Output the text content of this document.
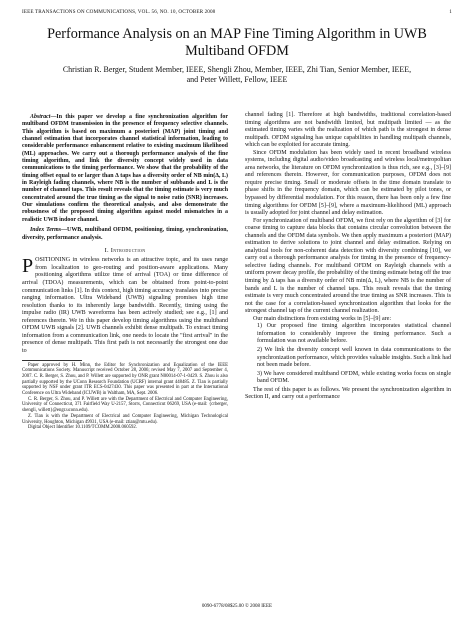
IEEE TRANSACTIONS ON COMMUNICATIONS, VOL. 56, NO. 10, OCTOBER 2008	1
Performance Analysis on an MAP Fine Timing Algorithm in UWB Multiband OFDM
Christian R. Berger, Student Member, IEEE, Shengli Zhou, Member, IEEE, Zhi Tian, Senior Member, IEEE,
and Peter Willett, Fellow, IEEE

Abstract—In this paper we develop a fine synchronization algorithm for multiband OFDM transmission in the presence of frequency selective channels. This algorithm is based on maximum a posteriori (MAP) joint timing and channel estimation that incorporates channel statistical information, leading to considerable performance enhancement relative to existing maximum likelihood (ML) approaches. We carry out a thorough performance analysis of the fine timing algorithm, and link the diversity concept widely used in data communications to the timing performance. We show that the probability of the timing offset equal to or larger than Δ taps has a diversity order of NB min(Δ, L) in Rayleigh fading channels, where NB is the number of subbands and L is the number of channel taps. This result reveals that the timing estimate is very much concentrated around the true timing as the signal to noise ratio (SNR) increases. Our simulations confirm the theoretical analysis, and also demonstrate the robustness of the proposed timing algorithm against model mismatches in a realistic UWB indoor channel.

Index Terms—UWB, multiband OFDM, positioning, timing, synchronization, diversity, performance analysis.

I. Introduction

POSITIONING in wireless networks is an attractive topic, and its uses range from localization to geo-routing and position-aware applications. Many positioning algorithms utilize time of arrival (TOA) or time difference of arrival (TDOA) measurements, which can be obtained from point-to-point communication links [1]. In this context, high timing accuracy translates into precise ranging information. Ultra Wideband (UWB) signaling promises high time resolution thanks to its inherently large bandwidth. Recently, timing using the impulse radio (IR) UWB waveforms has been actively studied; see e.g., [1] and references therein. We in this paper develop timing algorithms using the multiband OFDM UWB signals [2]. UWB channels exhibit dense multipath. To extract timing information from a communication link, one needs to locate the "first arrival" in the presence of dense multipath. This first path is not necessarily the strongest one due to

Paper approved by H. Minn, the Editor for Synchronization and Equalization of the IEEE Communications Society. Manuscript received October 28, 2006; revised May 7, 2007 and September 4, 2007. C. R. Berger, S. Zhou, and P. Willett are supported by ONR grant N00014-07-1-0429. S. Zhou is also partially supported by the UConn Research Foundation (UCRF) internal grant 448485. Z. Tian is partially supported by NSF under grant ITR ECS-0427430. This paper was presented in part at the International Conference on Ultra Wideband (ICUWB) in Waltham, MA, Sept. 2006.

C. R. Berger, S. Zhou, and P. Willett are with the Department of Electrical and Computer Engineering, University of Connecticut, 371 Fairfield Way U-2157, Storrs, Connecticut 06269, USA (e-mail: {crberger, shengli, willett}@engr.uconn.edu).

Z. Tian is with the Department of Electrical and Computer Engineering, Michigan Technological University, Houghton, Michigan 49931, USA (e-mail: ztian@mtu.edu).

Digital Object Identifier 10.1109/TCOMM.2008.060592.

channel fading [1]. Therefore at high bandwidths, traditional correlation-based timing algorithms are not bandwidth limited, but multipath limited — as the estimated timing varies with the realization of which path is the strongest in dense multipath. OFDM signaling has unique capabilities in handling multipath channels, which can be exploited for accurate timing.

Since OFDM modulation has been widely used in recent broadband wireless systems, including digital audio/video broadcasting and wireless local/metropolitan area networks, the literature on OFDM synchronization is thus rich, see e.g., [3]–[9] and references therein. However, for communication purposes, OFDM does not require precise timing. Small or moderate offsets in the time domain translate to phase shifts in the frequency domain, which can be estimated by pilot tones, or bypassed by differential modulation. For this reason, there has been only a few fine timing algorithms for OFDM [5]–[9], where a maximum-likelihood (ML) approach is usually adopted for joint channel and delay estimation.

For synchronization of multiband OFDM, we first rely on the algorithm of [3] for coarse timing to capture data blocks that contains circular convolution between the channels and the OFDM data symbols. We then apply maximum a posteriori (MAP) estimation to derive solutions to joint channel and delay estimation. Relying on analytical tools for non-coherent data detection with diversity combining [10], we carry out a thorough performance analysis for timing in the presence of frequency-selective fading channels. For multiband OFDM on Rayleigh channels with a uniform power decay profile, the probability of the timing estimate being off the true timing by Δ taps has a diversity order of NB min(Δ, L), where NB is the number of bands and L is the number of channel taps. This result reveals that the timing estimate is very much concentrated around the true timing as SNR increases. This is not the case for a correlation-based synchronization algorithm that looks for the strongest channel tap of the current channel realization.

Our main distinctions from existing works in [5]–[9] are:

1) Our proposed fine timing algorithm incorporates statistical channel information to considerably improve the timing performance. Such a formulation was not available before.
2) We link the diversity concept well known in data communications to the synchronization performance, which provides valuable insights. Such a link had not been made before.
3) We have considered multiband OFDM, while existing works focus on single band OFDM.

The rest of this paper is as follows. We present the synchronization algorithm in Section II, and carry out a performance

0090-6778/08$25.00 © 2008 IEEE
